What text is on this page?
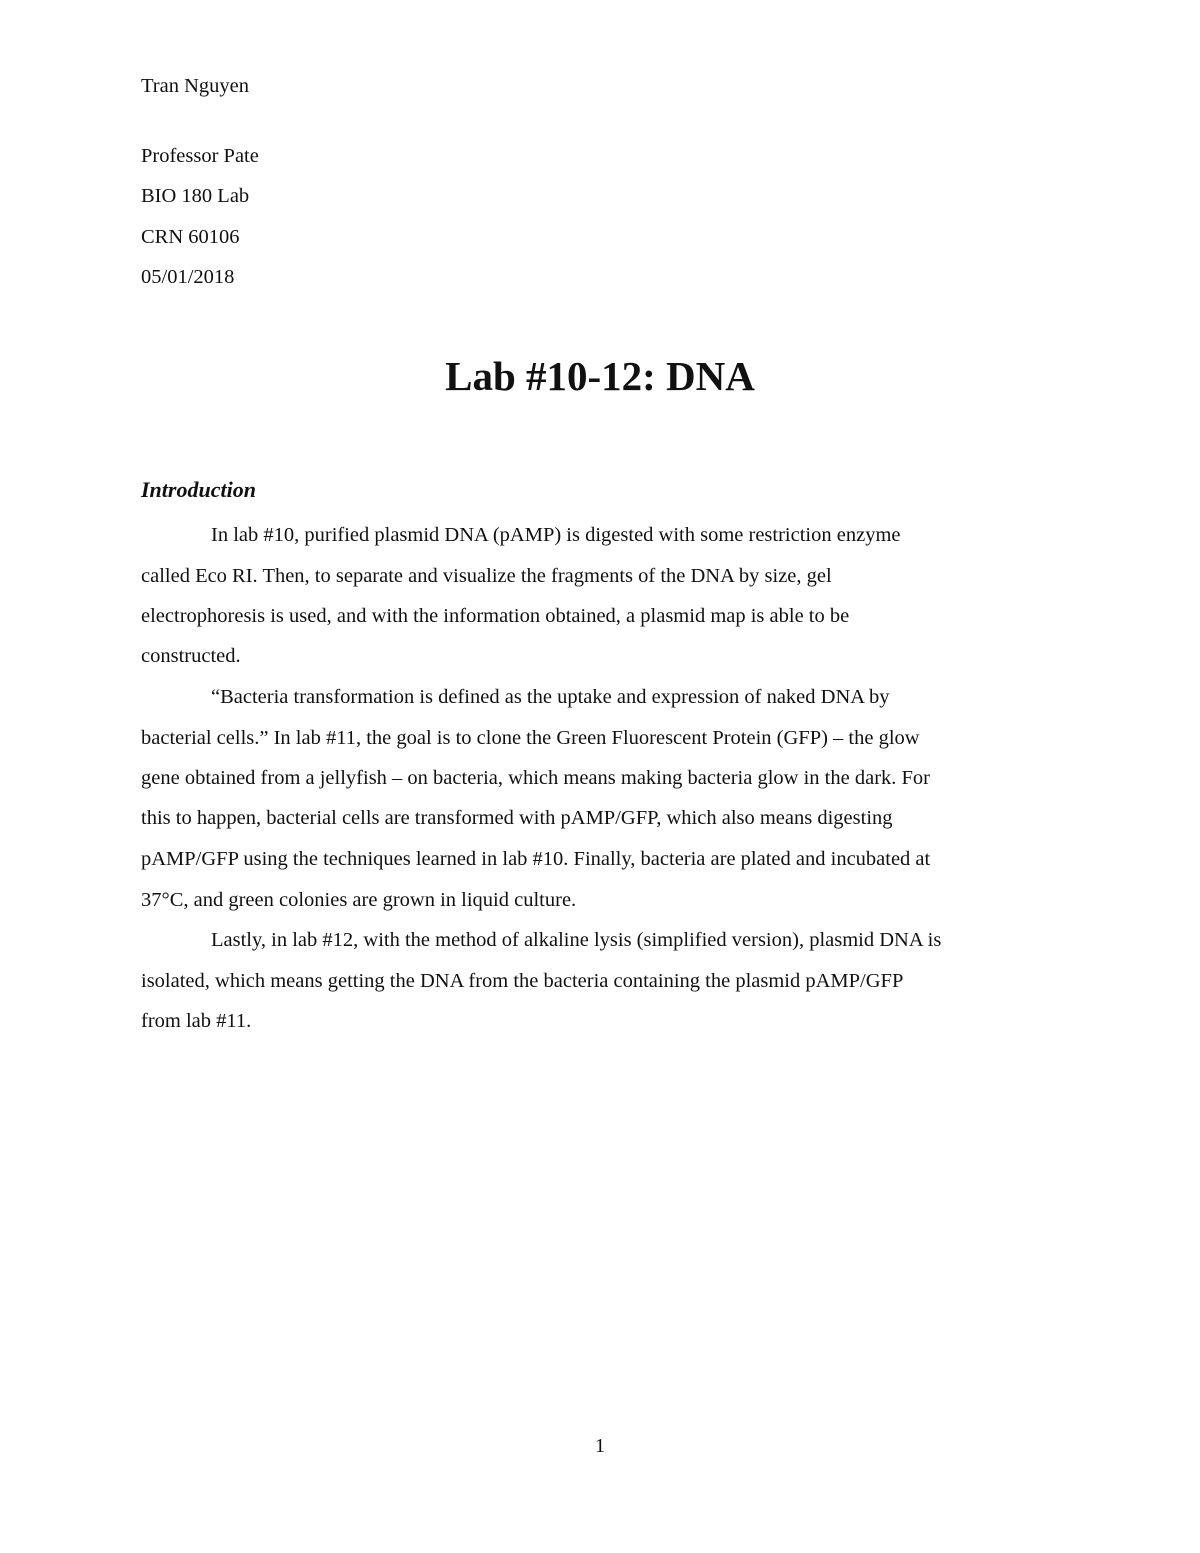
Tran Nguyen
Professor Pate
BIO 180 Lab
CRN 60106
05/01/2018
Lab #10-12: DNA
Introduction
In lab #10, purified plasmid DNA (pAMP) is digested with some restriction enzyme
called Eco RI. Then, to separate and visualize the fragments of the DNA by size, gel
electrophoresis is used, and with the information obtained, a plasmid map is able to be
constructed.
“Bacteria transformation is defined as the uptake and expression of naked DNA by
bacterial cells.” In lab #11, the goal is to clone the Green Fluorescent Protein (GFP) – the glow
gene obtained from a jellyfish – on bacteria, which means making bacteria glow in the dark. For
this to happen, bacterial cells are transformed with pAMP/GFP, which also means digesting
pAMP/GFP using the techniques learned in lab #10. Finally, bacteria are plated and incubated at
37°C, and green colonies are grown in liquid culture.
Lastly, in lab #12, with the method of alkaline lysis (simplified version), plasmid DNA is
isolated, which means getting the DNA from the bacteria containing the plasmid pAMP/GFP
from lab #11.
1
